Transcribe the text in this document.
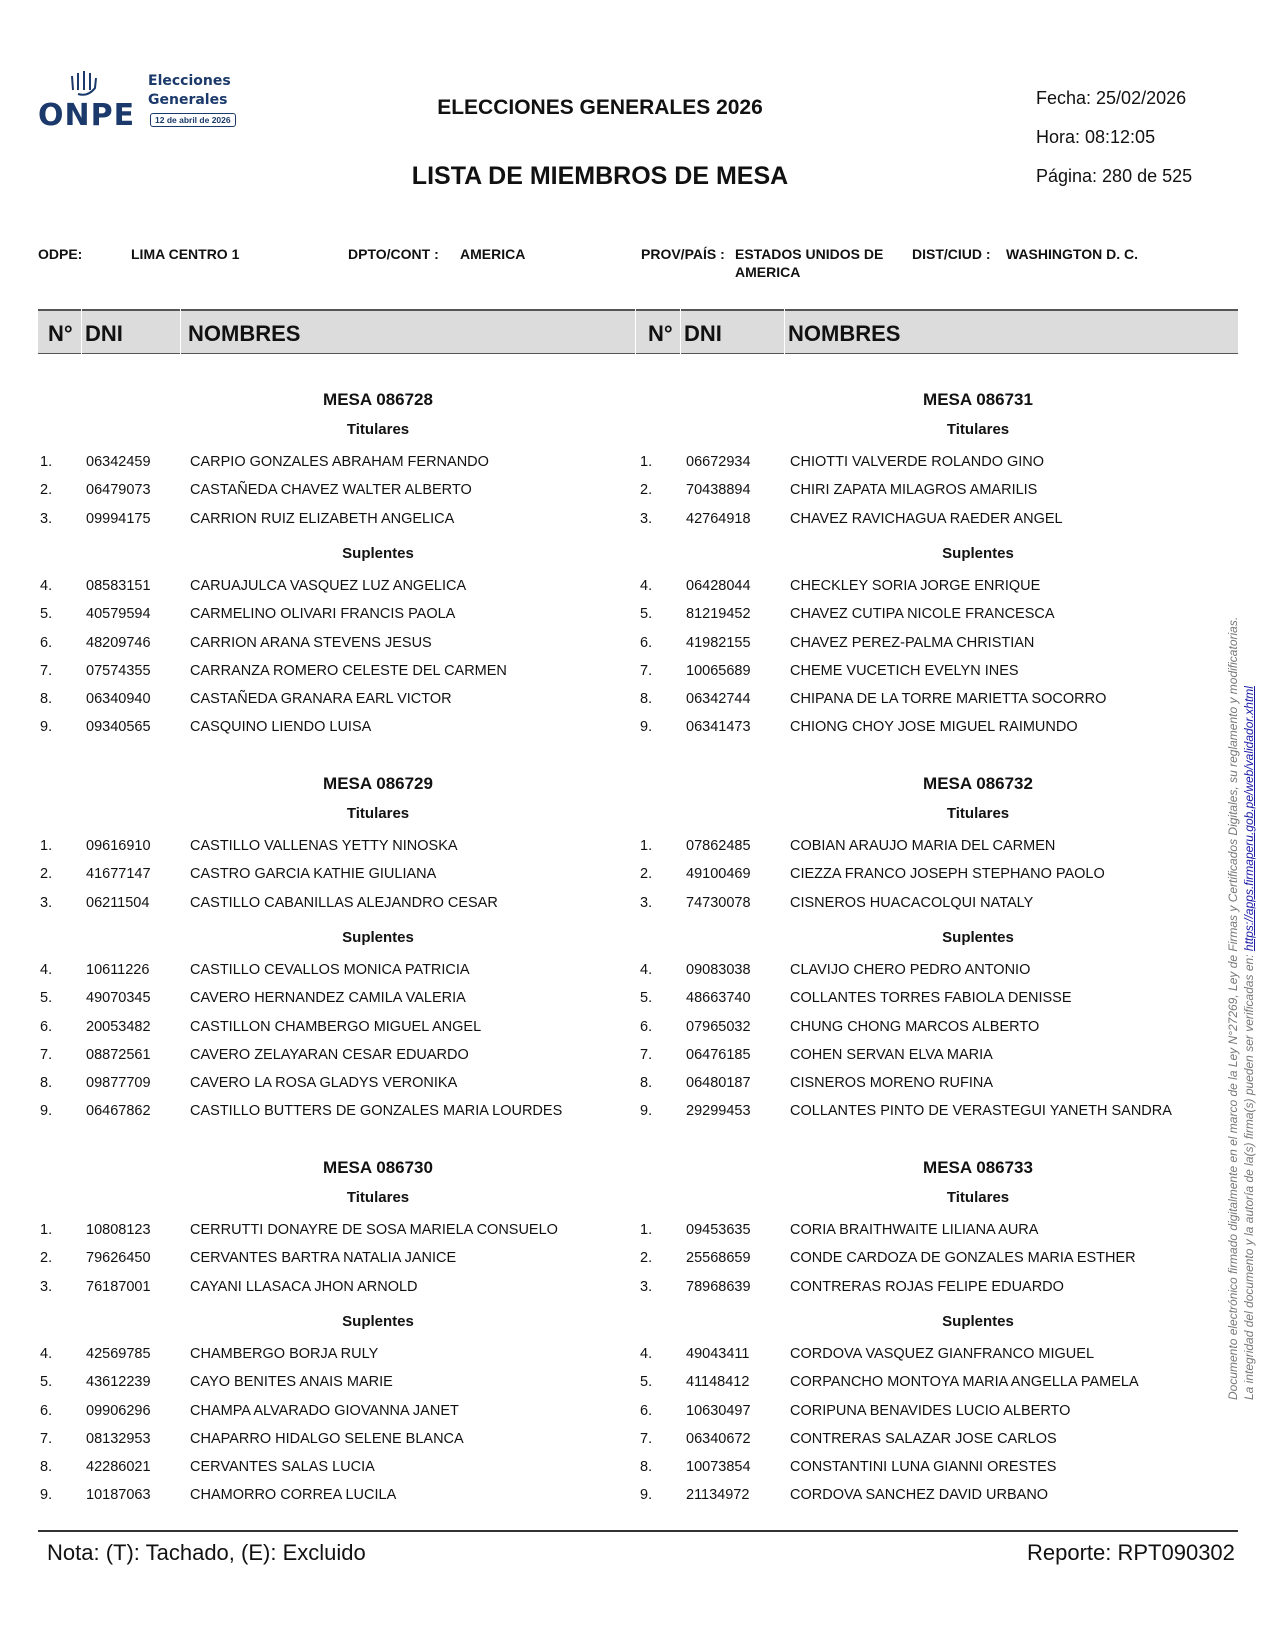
ONPE
Elecciones
Generales
12 de abril de 2026
ELECCIONES GENERALES 2026
LISTA DE MIEMBROS DE MESA
Fecha: 25/02/2026
Hora: 08:12:05
Página: 280 de 525
ODPE:	LIMA CENTRO 1	DPTO/CONT : AMERICA	PROV/PAÍS : ESTADOS UNIDOS DE
AMERICA
DIST/CIUD : WASHINGTON D. C.
N° DNI	NOMBRES	N° DNI	NOMBRES
MESA 086728
Titulares
1. 06342459	CARPIO GONZALES ABRAHAM FERNANDO
2. 06479073	CASTAÑEDA CHAVEZ WALTER ALBERTO
3. 09994175	CARRION RUIZ ELIZABETH ANGELICA
Suplentes
4. 08583151	CARUAJULCA VASQUEZ LUZ ANGELICA
5. 40579594	CARMELINO OLIVARI FRANCIS PAOLA
6. 48209746	CARRION ARANA STEVENS JESUS
7. 07574355	CARRANZA ROMERO CELESTE DEL CARMEN
8. 06340940	CASTAÑEDA GRANARA EARL VICTOR
9. 09340565	CASQUINO LIENDO LUISA
MESA 086731
Titulares
1. 06672934	CHIOTTI VALVERDE ROLANDO GINO
2. 70438894	CHIRI ZAPATA MILAGROS AMARILIS
3. 42764918	CHAVEZ RAVICHAGUA RAEDER ANGEL
Suplentes
4. 06428044	CHECKLEY SORIA JORGE ENRIQUE
5. 81219452	CHAVEZ CUTIPA NICOLE FRANCESCA
6. 41982155	CHAVEZ PEREZ-PALMA CHRISTIAN
7. 10065689	CHEME VUCETICH EVELYN INES
8. 06342744	CHIPANA DE LA TORRE MARIETTA SOCORRO
9. 06341473	CHIONG CHOY JOSE MIGUEL RAIMUNDO
MESA 086729
Titulares
1. 09616910	CASTILLO VALLENAS YETTY NINOSKA
2. 41677147	CASTRO GARCIA KATHIE GIULIANA
3. 06211504	CASTILLO CABANILLAS ALEJANDRO CESAR
Suplentes
4. 10611226	CASTILLO CEVALLOS MONICA PATRICIA
5. 49070345	CAVERO HERNANDEZ CAMILA VALERIA
6. 20053482	CASTILLON CHAMBERGO MIGUEL ANGEL
7. 08872561	CAVERO ZELAYARAN CESAR EDUARDO
8. 09877709	CAVERO LA ROSA GLADYS VERONIKA
9. 06467862	CASTILLO BUTTERS DE GONZALES MARIA LOURDES
MESA 086732
Titulares
1. 07862485	COBIAN ARAUJO MARIA DEL CARMEN
2. 49100469	CIEZZA FRANCO JOSEPH STEPHANO PAOLO
3. 74730078	CISNEROS HUACACOLQUI NATALY
Suplentes
4. 09083038	CLAVIJO CHERO PEDRO ANTONIO
5. 48663740	COLLANTES TORRES FABIOLA DENISSE
6. 07965032	CHUNG CHONG MARCOS ALBERTO
7. 06476185	COHEN SERVAN ELVA MARIA
8. 06480187	CISNEROS MORENO RUFINA
9. 29299453	COLLANTES PINTO DE VERASTEGUI YANETH SANDRA
MESA 086730
Titulares
1. 10808123	CERRUTTI DONAYRE DE SOSA MARIELA CONSUELO
2. 79626450	CERVANTES BARTRA NATALIA JANICE
3. 76187001	CAYANI LLASACA JHON ARNOLD
Suplentes
4. 42569785	CHAMBERGO BORJA RULY
5. 43612239	CAYO BENITES ANAIS MARIE
6. 09906296	CHAMPA ALVARADO GIOVANNA JANET
7. 08132953	CHAPARRO HIDALGO SELENE BLANCA
8. 42286021	CERVANTES SALAS LUCIA
9. 10187063	CHAMORRO CORREA LUCILA
MESA 086733
Titulares
1. 09453635	CORIA BRAITHWAITE LILIANA AURA
2. 25568659	CONDE CARDOZA DE GONZALES MARIA ESTHER
3. 78968639	CONTRERAS ROJAS FELIPE EDUARDO
Suplentes
4. 49043411	CORDOVA VASQUEZ GIANFRANCO MIGUEL
5. 41148412	CORPANCHO MONTOYA MARIA ANGELLA PAMELA
6. 10630497	CORIPUNA BENAVIDES LUCIO ALBERTO
7. 06340672	CONTRERAS SALAZAR JOSE CARLOS
8. 10073854	CONSTANTINI LUNA GIANNI ORESTES
9. 21134972	CORDOVA SANCHEZ DAVID URBANO
Documento electrónico firmado digitalmente en el marco de la Ley N°27269, Ley de Firmas y Certificados Digitales, su reglamento y modificatorias. La integridad del documento y la autoría de la(s) firma(s) pueden ser verificadas en: https://apps.firmaperu.gob.pe/web/validador.xhtml
Nota: (T): Tachado, (E): Excluido	Reporte: RPT090302
